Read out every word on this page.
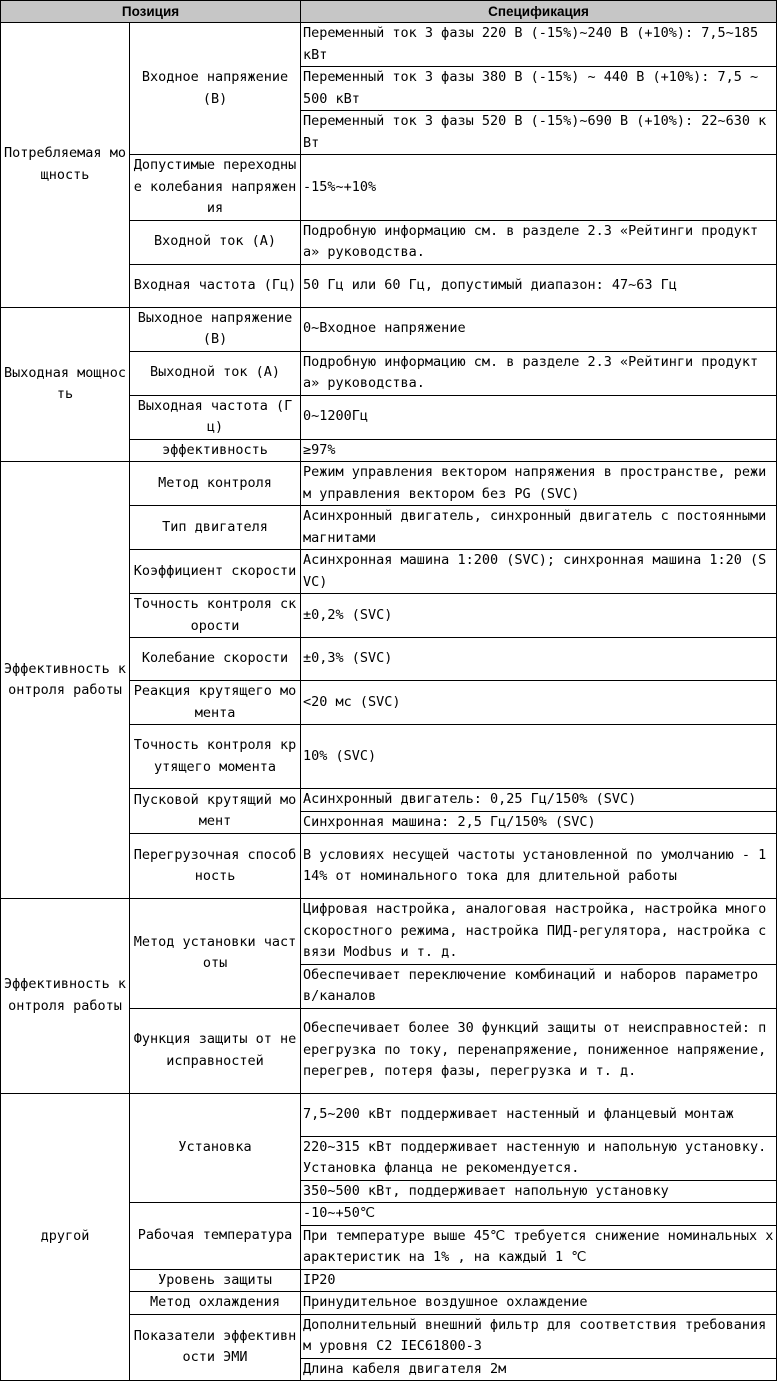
Позиция		Спецификация
Потребляемая мощность	Входное напряжение (В)	Переменный ток 3 фазы 220 В (-15%)~240 В (+10%): 7,5~185 кВт
		Переменный ток 3 фазы 380 В (-15%) ~ 440 В (+10%): 7,5 ~ 500 кВт
		Переменный ток 3 фазы 520 В (-15%)~690 В (+10%): 22~630 кВт
	Допустимые переходные колебания напряжения	-15%~+10%
	Входной ток (А)	Подробную информацию см. в разделе 2.3 «Рейтинги продукта» руководства.
	Входная частота (Гц)	50 Гц или 60 Гц, допустимый диапазон: 47~63 Гц
Выходная мощность	Выходное напряжение (В)	0~Входное напряжение
	Выходной ток (А)	Подробную информацию см. в разделе 2.3 «Рейтинги продукта» руководства.
	Выходная частота (Гц)	0~1200Гц
	эффективность	≥97%
Эффективность контроля работы	Метод контроля	Режим управления вектором напряжения в пространстве, режим управления вектором без PG (SVC)
	Тип двигателя	Асинхронный двигатель, синхронный двигатель с постоянными магнитами
	Коэффициент скорости	Асинхронная машина 1:200 (SVC); синхронная машина 1:20 (SVC)
	Точность контроля скорости	±0,2% (SVC)
	Колебание скорости	±0,3% (SVC)
	Реакция крутящего момента	<20 мс (SVC)
	Точность контроля крутящего момента	10% (SVC)
	Пусковой крутящий момент	Асинхронный двигатель: 0,25 Гц/150% (SVC)
		Синхронная машина: 2,5 Гц/150% (SVC)
	Перегрузочная способность	В условиях несущей частоты установленной по умолчанию - 114% от номинального тока для длительной работы
Эффективность контроля работы	Метод установки частоты	Цифровая настройка, аналоговая настройка, настройка многоскоростного режима, настройка ПИД-регулятора, настройка связи Modbus и т. д.
		Обеспечивает переключение комбинаций и наборов параметров/каналов
	Функция защиты от неисправностей	Обеспечивает более 30 функций защиты от неисправностей: перегрузка по току, перенапряжение, пониженное напряжение, перегрев, потеря фазы, перегрузка и т. д.
другой	Установка	7,5~200 кВт поддерживает настенный и фланцевый монтаж
		220~315 кВт поддерживает настенную и напольную установку. Установка фланца не рекомендуется.
		350~500 кВт, поддерживает напольную установку
	Рабочая температура	-10~+50℃
		При температуре выше 45℃ требуется снижение номинальных характеристик на 1% , на каждый 1 ℃
	Уровень защиты	IP20
	Метод охлаждения	Принудительное воздушное охлаждение
	Показатели эффективности ЭМИ	Дополнительный внешний фильтр для соответствия требованиям уровня C2 IEC61800-3
		Длина кабеля двигателя 2м
